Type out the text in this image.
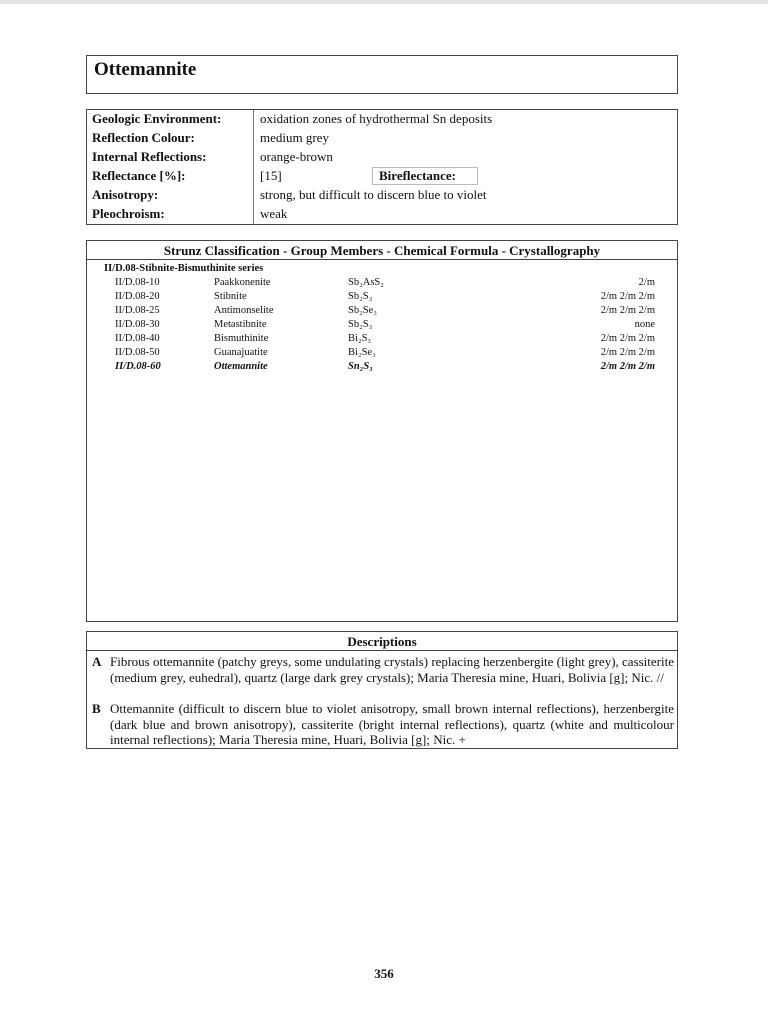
Ottemannite
Geologic Environment:	oxidation zones of hydrothermal Sn deposits
Reflection Colour:	medium grey
Internal Reflections:	orange-brown
Reflectance [%]:	[15]	Bireflectance:
Anisotropy:	strong, but difficult to discern blue to violet
Pleochroism:	weak
Strunz Classification - Group Members - Chemical Formula - Crystallography
II/D.08-Stibnite-Bismuthinite series
II/D.08-10	Paakkonenite	Sb₂AsS₂	2/m
II/D.08-20	Stibnite	Sb₂S₃	2/m 2/m 2/m
II/D.08-25	Antimonselite	Sb₂Se₃	2/m 2/m 2/m
II/D.08-30	Metastibnite	Sb₂S₃	none
II/D.08-40	Bismuthinite	Bi₂S₃	2/m 2/m 2/m
II/D.08-50	Guanajuatite	Bi₂Se₃	2/m 2/m 2/m
II/D.08-60	Ottemannite	Sn₂S₃	2/m 2/m 2/m
Descriptions
A Fibrous ottemannite (patchy greys, some undulating crystals) replacing herzenbergite (light grey), cassiterite (medium grey, euhedral), quartz (large dark grey crystals); Maria Theresia mine, Huari, Bolivia [g]; Nic. //
B Ottemannite (difficult to discern blue to violet anisotropy, small brown internal reflections), herzenbergite (dark blue and brown anisotropy), cassiterite (bright internal reflections), quartz (white and multicolour internal reflections); Maria Theresia mine, Huari, Bolivia [g]; Nic. +
356
